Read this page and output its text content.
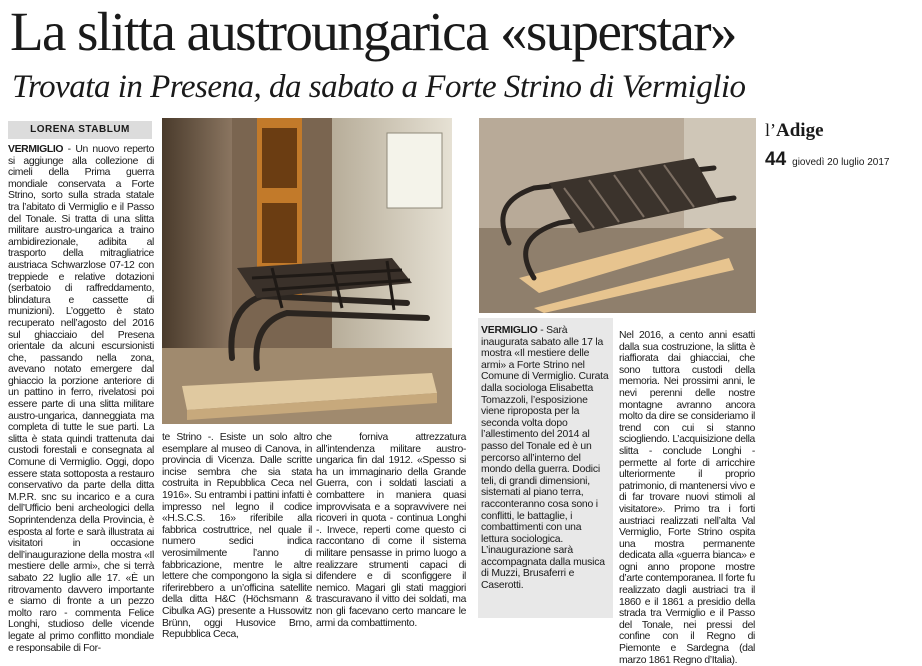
La slitta austroungarica «superstar»
Trovata in Presena, da sabato a Forte Strino di Vermiglio
LORENA STABLUM

VERMIGLIO - Un nuovo reperto si aggiunge alla collezione di cimeli della Prima guerra mondiale conservata a Forte Strino, sorto sulla strada statale tra l’abitato di Vermiglio e il Passo del Tonale. Si tratta di una slitta militare austro-ungarica a traino ambidirezionale, adibita al trasporto della mitragliatrice austriaca Schwarzlose 07-12 con treppiede e relative dotazioni (serbatoio di raffreddamento, blindatura e cassette di munizioni). L’oggetto è stato recuperato nell’agosto del 2016 sul ghiacciaio del Presena orientale da alcuni escursionisti che, passando nella zona, avevano notato emergere dal ghiaccio la porzione anteriore di un pattino in ferro, rivelatosi poi essere parte di una slitta militare austro-ungarica, danneggiata ma completa di tutte le sue parti. La slitta è stata quindi trattenuta dai custodi forestali e consegnata al Comune di Vermiglio. Oggi, dopo essere stata sottoposta a restauro conservativo da parte della ditta M.P.R. snc su incarico e a cura dell’Ufficio beni archeologici della Soprintendenza della Provincia, è esposta al forte e sarà illustrata ai visitatori in occasione dell’inaugurazione della mostra «Il mestiere delle armi», che si terrà sabato 22 luglio alle 17. «È un ritrovamento davvero importante e siamo di fronte a un pezzo molto raro - commenta Felice Longhi, studioso delle vicende legate al primo conflitto mondiale e responsabile di For-

te Strino -. Esiste un solo altro esemplare al museo di Canova, in provincia di Vicenza. Dalle scritte incise sembra che sia stata costruita in Repubblica Ceca nel 1916». Su entrambi i pattini infatti è impresso nel legno il codice «H.S.C.S. 16» riferibile alla fabbrica costruttrice, nel quale il numero sedici indica verosimilmente l’anno di fabbricazione, mentre le altre lettere che compongono la sigla si riferirebbero a un’officina satellite della ditta H&C (Höchsmann & Cibulka AG) presente a Hussowitz Brünn, oggi Husovice Brno, Repubblica Ceca,
che forniva attrezzatura all’intendenza militare austro-ungarica fin dal 1912. «Spesso si ha un immaginario della Grande Guerra, con i soldati lasciati a combattere in maniera quasi improvvisata e a sopravvivere nei ricoveri in quota - continua Longhi -. Invece, reperti come questo ci raccontano di come il sistema militare pensasse in primo luogo a realizzare strumenti capaci di difendere e di sconfiggere il nemico. Magari gli stati maggiori trascuravano il vitto dei soldati, ma non gli facevano certo mancare le armi da combattimento.

VERMIGLIO - Sarà inaugurata sabato alle 17 la mostra «Il mestiere delle armi» a Forte Strino nel Comune di Vermiglio. Curata dalla sociologa Elisabetta Tomazzoli, l’esposizione viene riproposta per la seconda volta dopo l’allestimento del 2014 al passo del Tonale ed è un percorso all’interno del mondo della guerra. Dodici teli, di grandi dimensioni, sistemati al piano terra, racconteranno cosa sono i conflitti, le battaglie, i combattimenti con una lettura sociologica. L’inaugurazione sarà accompagnata dalla musica di Muzzi, Brusaferri e Caserotti.

Nel 2016, a cento anni esatti dalla sua costruzione, la slitta è riaffiorata dai ghiacciai, che sono tuttora custodi della memoria. Nei prossimi anni, le nevi perenni delle nostre montagne avranno ancora molto da dire se consideriamo il trend con cui si stanno sciogliendo. L’acquisizione della slitta - conclude Longhi - permette al forte di arricchire ulteriormente il proprio patrimonio, di mantenersi vivo e di far trovare nuovi stimoli al visitatore». Primo tra i forti austriaci realizzati nell’alta Val Vermiglio, Forte Strino ospita una mostra permanente dedicata alla «guerra bianca» e ogni anno propone mostre d’arte contemporanea. Il forte fu realizzato dagli austriaci tra il 1860 e il 1861 a presidio della strada tra Vermiglio e il Passo del Tonale, nei pressi del confine con il Regno di Piemonte e Sardegna (dal marzo 1861 Regno d’Italia).
l’Adige
44 giovedì 20 luglio 2017
